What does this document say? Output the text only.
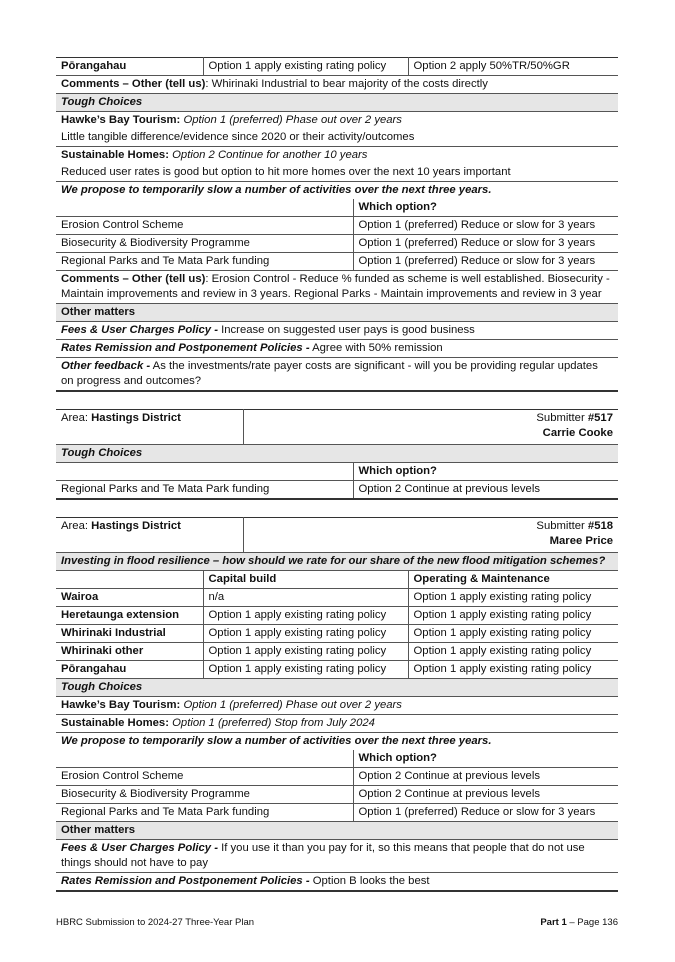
Pōrangahau	Option 1 apply existing rating policy		Option 2 apply 50%TR/50%GR
Comments – Other (tell us): Whirinaki Industrial to bear majority of the costs directly			
Tough Choices			
Hawke’s Bay Tourism: Option 1 (preferred) Phase out over 2 years			
Little tangible difference/evidence since 2020 or their activity/outcomes			
Sustainable Homes: Option 2 Continue for another 10 years			
Reduced user rates is good but option to hit more homes over the next 10 years important			
We propose to temporarily slow a number of activities over the next three years.			
		Which option?	
Erosion Control Scheme		Option 1 (preferred) Reduce or slow for 3 years	
Biosecurity & Biodiversity Programme		Option 1 (preferred) Reduce or slow for 3 years	
Regional Parks and Te Mata Park funding		Option 1 (preferred) Reduce or slow for 3 years	
Comments – Other (tell us): Erosion Control - Reduce % funded as scheme is well established. Biosecurity - Maintain improvements and review in 3 years. Regional Parks - Maintain improvements and review in 3 year			
Other matters			
Fees & User Charges Policy - Increase on suggested user pays is good business			
Rates Remission and Postponement Policies - Agree with 50% remission			
Other feedback - As the investments/rate payer costs are significant - will you be providing regular updates on progress and outcomes?			
Area: Hastings District	Submitter #517
Carrie Cooke	
Tough Choices		
		Which option?
Regional Parks and Te Mata Park funding		Option 2 Continue at previous levels
Area: Hastings District		Submitter #518
Maree Price		
Investing in flood resilience – how should we rate for our share of the new flood mitigation schemes?				
	Capital build			Operating & Maintenance
Wairoa	n/a			Option 1 apply existing rating policy
Heretaunga extension	Option 1 apply existing rating policy			Option 1 apply existing rating policy
Whirinaki Industrial	Option 1 apply existing rating policy			Option 1 apply existing rating policy
Whirinaki other	Option 1 apply existing rating policy			Option 1 apply existing rating policy
Pōrangahau	Option 1 apply existing rating policy			Option 1 apply existing rating policy
Tough Choices				
Hawke’s Bay Tourism: Option 1 (preferred) Phase out over 2 years				
Sustainable Homes: Option 1 (preferred) Stop from July 2024				
We propose to temporarily slow a number of activities over the next three years.				
			Which option?	
Erosion Control Scheme			Option 2 Continue at previous levels	
Biosecurity & Biodiversity Programme			Option 2 Continue at previous levels	
Regional Parks and Te Mata Park funding			Option 1 (preferred) Reduce or slow for 3 years	
Other matters				
Fees & User Charges Policy - If you use it than you pay for it, so this means that people that do not use things should not have to pay				
Rates Remission and Postponement Policies - Option B looks the best				
HBRC Submission to 2024-27 Three-Year Plan	Part 1 – Page 136
